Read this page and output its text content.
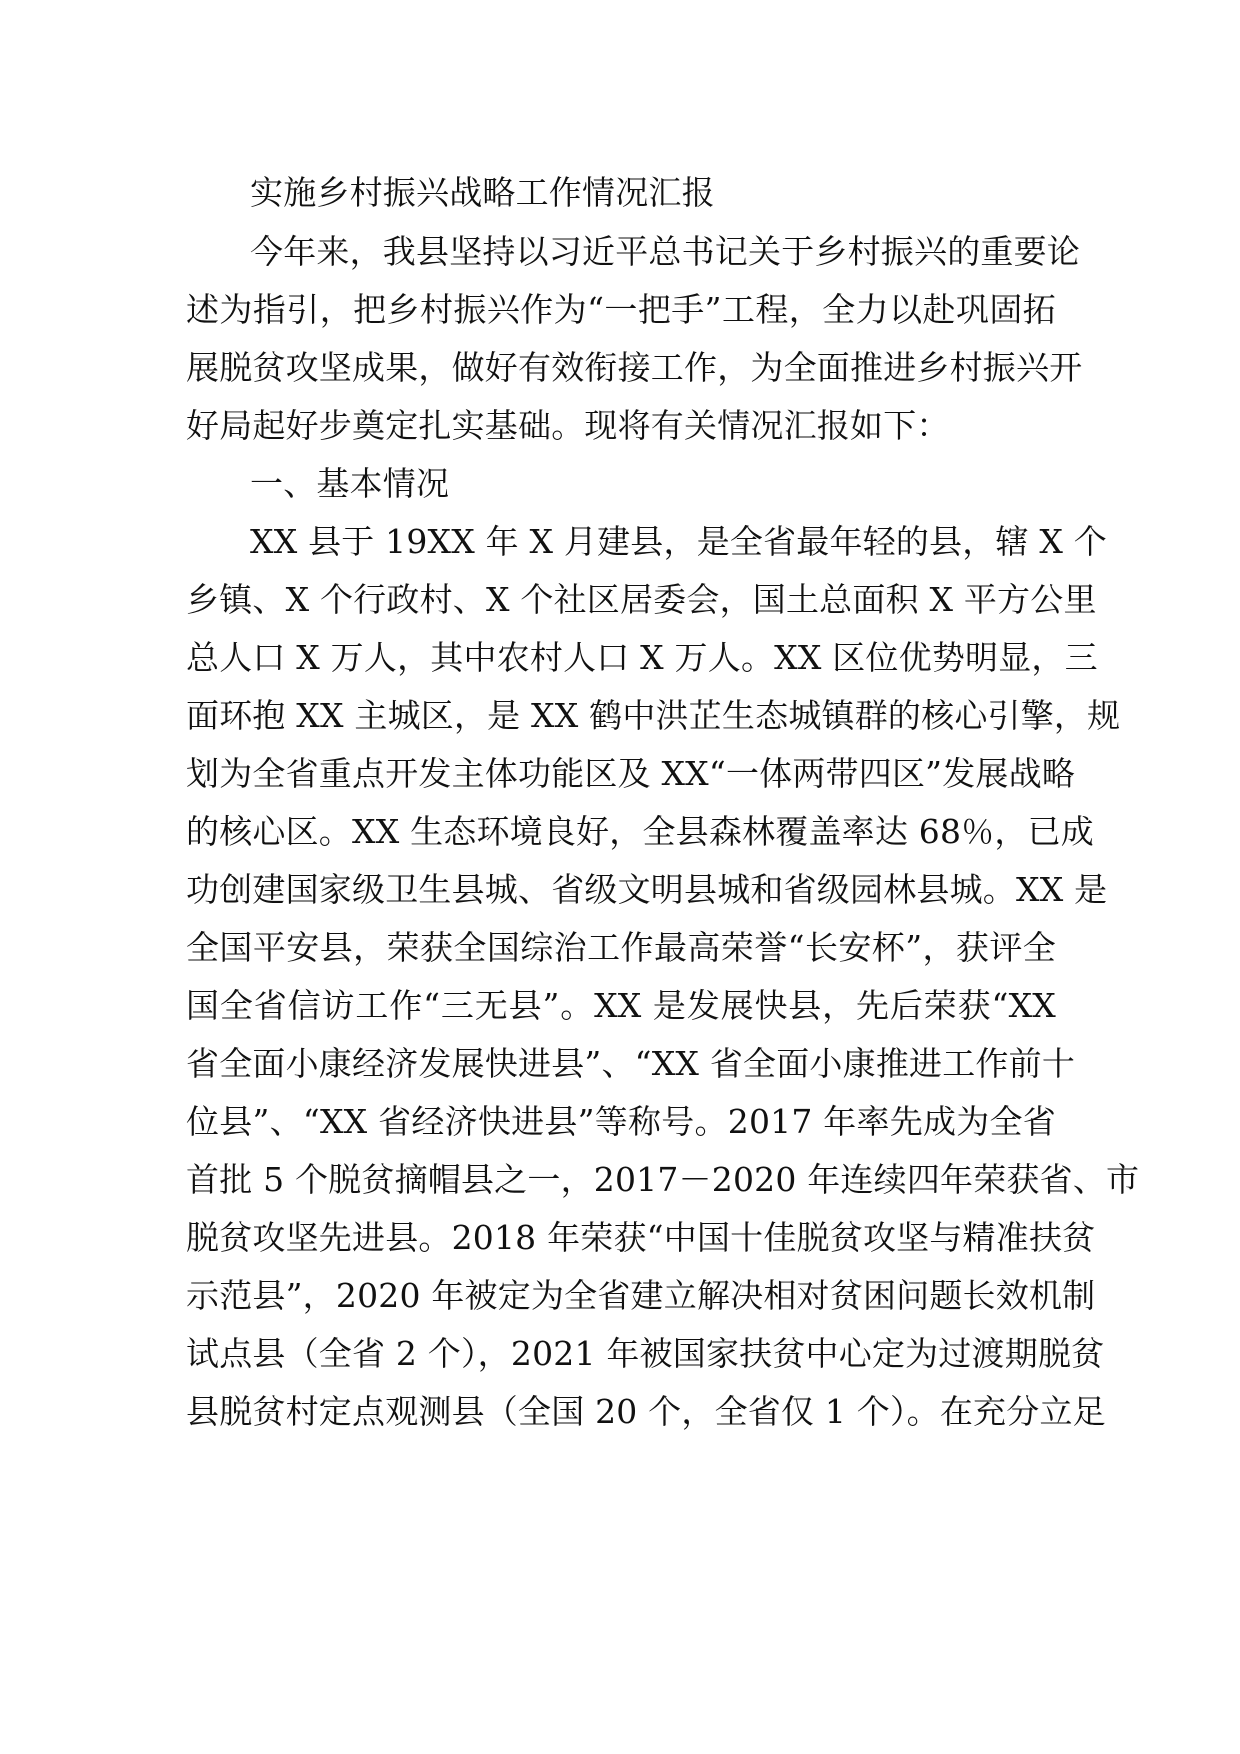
实施乡村振兴战略工作情况汇报
今年来，我县坚持以习近平总书记关于乡村振兴的重要论
述为指引，把乡村振兴作为“一把手”工程，全力以赴巩固拓
展脱贫攻坚成果，做好有效衔接工作，为全面推进乡村振兴开
好局起好步奠定扎实基础。现将有关情况汇报如下：
一、基本情况
XX 县于 19XX 年 X 月建县，是全省最年轻的县，辖 X 个
乡镇、X 个行政村、X 个社区居委会，国土总面积 X 平方公里
总人口 X 万人，其中农村人口 X 万人。XX 区位优势明显，三
面环抱 XX 主城区，是 XX 鹤中洪芷生态城镇群的核心引擎，规
划为全省重点开发主体功能区及 XX“一体两带四区”发展战略
的核心区。XX 生态环境良好，全县森林覆盖率达 68％，已成
功创建国家级卫生县城、省级文明县城和省级园林县城。XX 是
全国平安县，荣获全国综治工作最高荣誉“长安杯”，获评全
国全省信访工作“三无县”。XX 是发展快县，先后荣获“XX
省全面小康经济发展快进县”、“XX 省全面小康推进工作前十
位县”、“XX 省经济快进县”等称号。2017 年率先成为全省
首批 5 个脱贫摘帽县之一，2017－2020 年连续四年荣获省、市
脱贫攻坚先进县。2018 年荣获“中国十佳脱贫攻坚与精准扶贫
示范县”，2020 年被定为全省建立解决相对贫困问题长效机制
试点县（全省 2 个），2021 年被国家扶贫中心定为过渡期脱贫
县脱贫村定点观测县（全国 20 个，全省仅 1 个）。在充分立足
